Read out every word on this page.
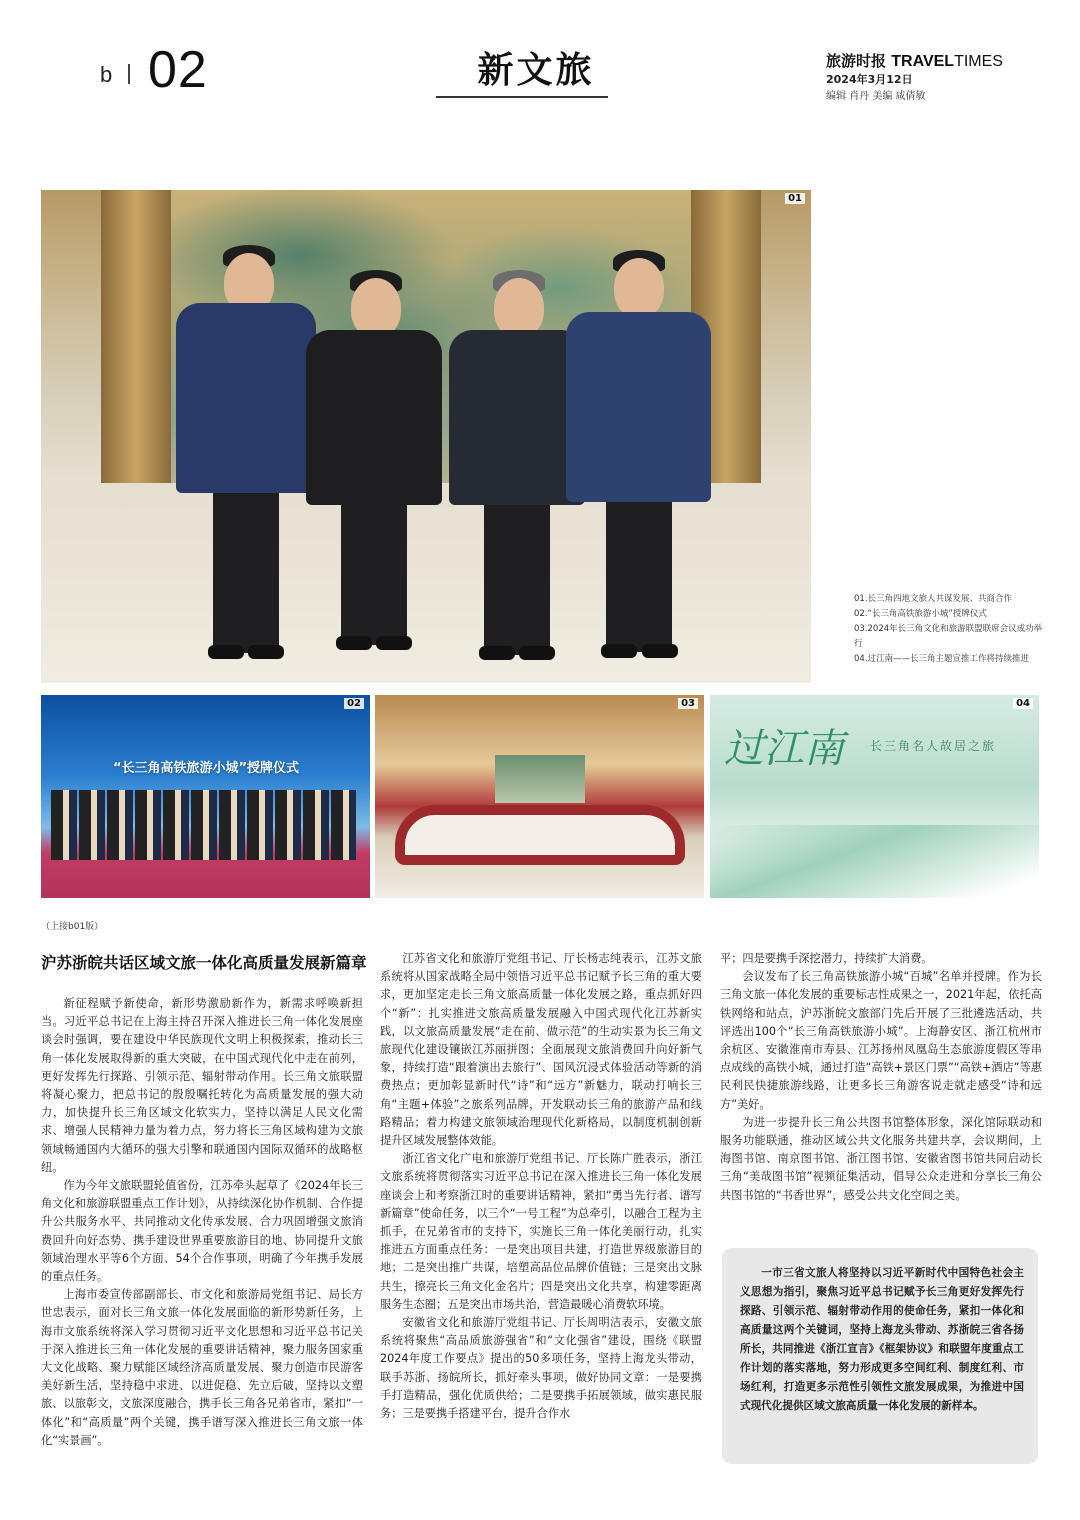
b 02	新文旅	旅游时报 TRAVELTIMES
2024年3月12日
编辑 肖丹 美编 咸倩敏
01
01.长三角四地文旅人共谋发展、共商合作
02.“长三角高铁旅游小城”授牌仪式
03.2024年长三角文化和旅游联盟联席会议成功举行
04.过江南——长三角主题宣推工作将持续推进
“长三角高铁旅游小城”授牌仪式
02	03
过江南 长三角名人故居之旅
04
（上接b01版）
沪苏浙皖共话区域文旅一体化高质量发展新篇章

新征程赋予新使命，新形势激励新作为，新需求呼唤新担当。习近平总书记在上海主持召开深入推进长三角一体化发展座谈会时强调，要在建设中华民族现代文明上积极探索，推动长三角一体化发展取得新的重大突破，在中国式现代化中走在前列，更好发挥先行探路、引领示范、辐射带动作用。长三角文旅联盟将凝心聚力，把总书记的殷殷嘱托转化为高质量发展的强大动力，加快提升长三角区域文化软实力，坚持以满足人民文化需求、增强人民精神力量为着力点，努力将长三角区域构建为文旅领域畅通国内大循环的强大引擎和联通国内国际双循环的战略枢纽。

作为今年文旅联盟轮值省份，江苏牵头起草了《2024年长三角文化和旅游联盟重点工作计划》，从持续深化协作机制、合作提升公共服务水平、共同推动文化传承发展、合力巩固增强文旅消费回升向好态势、携手建设世界重要旅游目的地、协同提升文旅领域治理水平等6个方面、54个合作事项，明确了今年携手发展的重点任务。

上海市委宣传部副部长、市文化和旅游局党组书记、局长方世忠表示，面对长三角文旅一体化发展面临的新形势新任务，上海市文旅系统将深入学习贯彻习近平文化思想和习近平总书记关于深入推进长三角一体化发展的重要讲话精神，聚力服务国家重大文化战略、聚力赋能区域经济高质量发展、聚力创造市民游客美好新生活，坚持稳中求进、以进促稳、先立后破，坚持以文塑旅、以旅彰文，文旅深度融合，携手长三角各兄弟省市，紧扣“一体化”和“高质量”两个关键，携手谱写深入推进长三角文旅一体化“实景画”。

江苏省文化和旅游厅党组书记、厅长杨志纯表示，江苏文旅系统将从国家战略全局中领悟习近平总书记赋予长三角的重大要求，更加坚定走长三角文旅高质量一体化发展之路，重点抓好四个“新”：扎实推进文旅高质量发展融入中国式现代化江苏新实践，以文旅高质量发展“走在前、做示范”的生动实景为长三角文旅现代化建设镶嵌江苏丽拼图；全面展现文旅消费回升向好新气象，持续打造“跟着演出去旅行”、国风沉浸式体验活动等新的消费热点；更加彰显新时代“诗”和“远方”新魅力，联动打响长三角“主题+体验”之旅系列品牌，开发联动长三角的旅游产品和线路精品；着力构建文旅领域治理现代化新格局，以制度机制创新提升区域发展整体效能。

浙江省文化广电和旅游厅党组书记、厅长陈广胜表示，浙江文旅系统将贯彻落实习近平总书记在深入推进长三角一体化发展座谈会上和考察浙江时的重要讲话精神，紧扣“勇当先行者、谱写新篇章”使命任务，以三个“一号工程”为总牵引，以融合工程为主抓手，在兄弟省市的支持下，实施长三角一体化美丽行动，扎实推进五方面重点任务：一是突出项目共建，打造世界级旅游目的地；二是突出推广共谋，培塑高品位品牌价值链；三是突出文脉共生，擦亮长三角文化金名片；四是突出文化共享，构建零距离服务生态圈；五是突出市场共治，营造最暖心消费软环境。

安徽省文化和旅游厅党组书记、厅长周明洁表示，安徽文旅系统将聚焦“高品质旅游强省”和“文化强省”建设，围绕《联盟2024年度工作要点》提出的50多项任务，坚持上海龙头带动，联手苏浙、扬皖所长，抓好牵头事项，做好协同文章：一是要携手打造精品，强化优质供给；二是要携手拓展领域，做实惠民服务；三是要携手搭建平台，提升合作水

平；四是要携手深挖潜力，持续扩大消费。

会议发布了长三角高铁旅游小城“百城”名单并授牌。作为长三角文旅一体化发展的重要标志性成果之一，2021年起，依托高铁网络和站点，沪苏浙皖文旅部门先后开展了三批遴选活动，共评选出100个“长三角高铁旅游小城”。上海静安区、浙江杭州市余杭区、安徽淮南市寿县、江苏扬州凤凰岛生态旅游度假区等串点成线的高铁小城，通过打造“高铁+景区门票”“高铁+酒店”等惠民利民快捷旅游线路，让更多长三角游客说走就走感受“诗和远方”美好。

为进一步提升长三角公共图书馆整体形象，深化馆际联动和服务功能联通，推动区域公共文化服务共建共享，会议期间，上海图书馆、南京图书馆、浙江图书馆、安徽省图书馆共同启动长三角“美哉图书馆”视频征集活动，倡导公众走进和分享长三角公共图书馆的“书香世界”，感受公共文化空间之美。

一市三省文旅人将坚持以习近平新时代中国特色社会主义思想为指引，聚焦习近平总书记赋予长三角更好发挥先行探路、引领示范、辐射带动作用的使命任务，紧扣一体化和高质量这两个关键词，坚持上海龙头带动、苏浙皖三省各扬所长，共同推进《浙江宣言》《框架协议》和联盟年度重点工作计划的落实落地，努力形成更多空间红利、制度红利、市场红利，打造更多示范性引领性文旅发展成果，为推进中国式现代化提供区域文旅高质量一体化发展的新样本。
